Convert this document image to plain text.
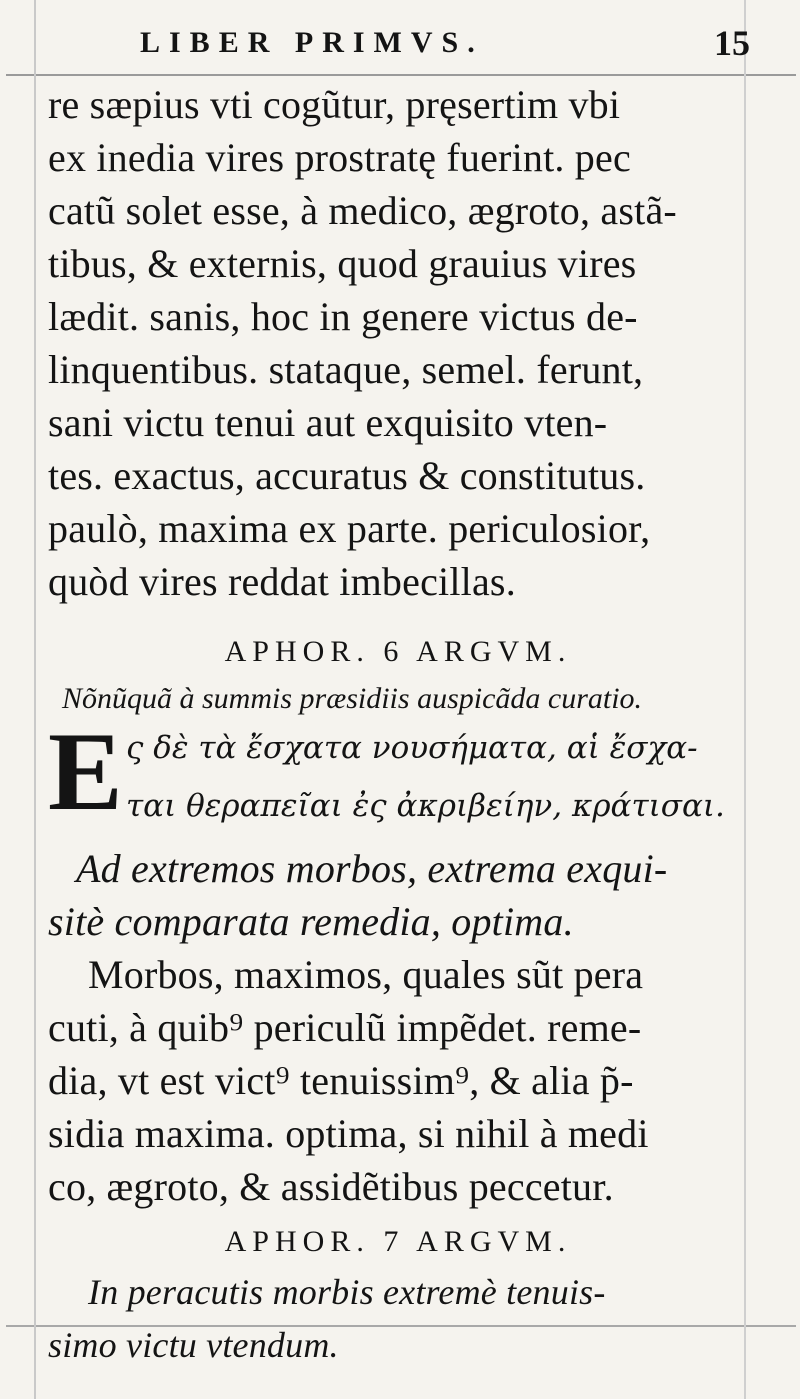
LIBER PRIMVS.	15
re sæpius vti cogũtur, pręsertim vbi
ex inedia vires prostratę fuerint. pec
catũ solet esse, à medico, ægroto, astã-
tibus, & externis, quod grauius vires
lædit. sanis, hoc in genere victus de-
linquentibus. stataque, semel. ferunt,
sani victu tenui aut exquisito vten-
tes. exactus, accuratus & constitutus.
paulò, maxima ex parte. periculosior,
quòd vires reddat imbecillas.
APHOR. 6 ARGVM.
Nõnũquã à summis præsidiis auspicãda curatio.
E ς δὲ τὰ ἔσχατα νουσήματα, αἱ ἔσχα-
ται θεραπεῖαι ἐς ἀκριβείην, κράτισαι.
Ad extremos morbos, extrema exqui-
sitè comparata remedia, optima.
Morbos, maximos, quales sũt pera
cuti, à quib⁹ periculũ impẽdet. reme-
dia, vt est vict⁹ tenuissim⁹, & alia p̃-
sidia maxima. optima, si nihil à medi
co, ægroto, & assidẽtibus peccetur.
APHOR. 7 ARGVM.
In peracutis morbis extremè tenuis-
simo victu vtendum.
